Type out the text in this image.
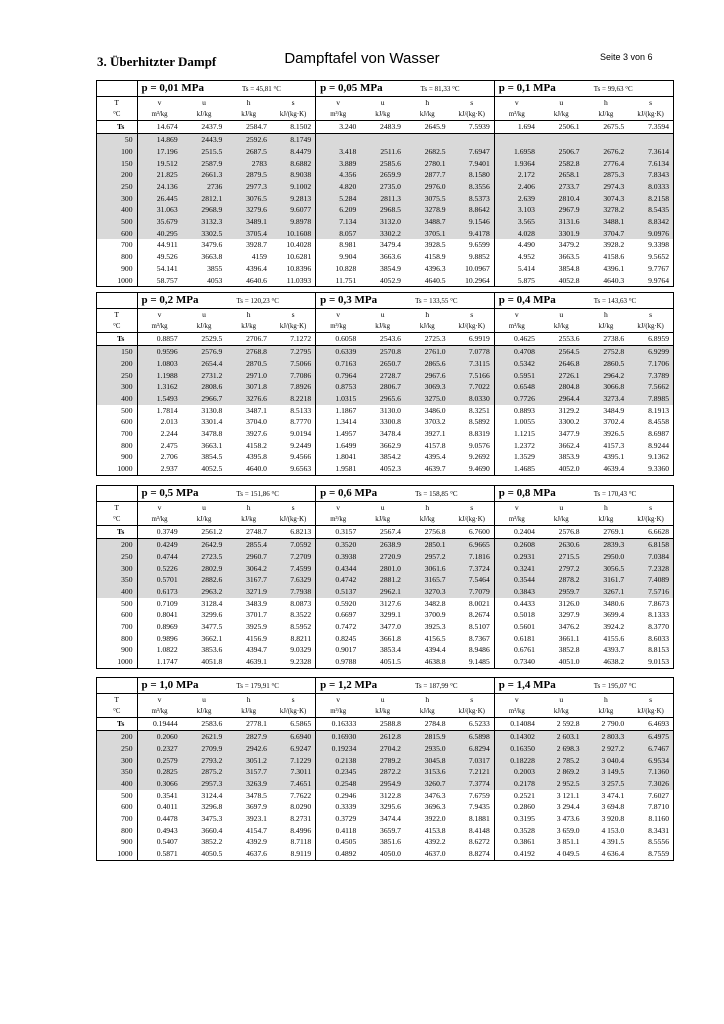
3. Überhitzter Dampf	Dampftafel von Wasser	Seite 3 von 6
	p = 0,01 MPa Ts = 45,81 °C				p = 0,05 MPa Ts = 81,33 °C				p = 0,1 MPa Ts = 99,63 °C			
T	v	u	h	s	v	u	h	s	v	u	h	s
°C	m³/kg	kJ/kg	kJ/kg	kJ/(kg·K)	m³/kg	kJ/kg	kJ/kg	kJ/(kg·K)	m³/kg	kJ/kg	kJ/kg	kJ/(kg·K)
Ts	14.674	2437.9	2584.7	8.1502	3.240	2483.9	2645.9	7.5939	1.694	2506.1	2675.5	7.3594
50	14.869	2443.9	2592.6	8.1749								
100	17.196	2515.5	2687.5	8.4479	3.418	2511.6	2682.5	7.6947	1.6958	2506.7	2676.2	7.3614
150	19.512	2587.9	2783	8.6882	3.889	2585.6	2780.1	7.9401	1.9364	2582.8	2776.4	7.6134
200	21.825	2661.3	2879.5	8.9038	4.356	2659.9	2877.7	8.1580	2.172	2658.1	2875.3	7.8343
250	24.136	2736	2977.3	9.1002	4.820	2735.0	2976.0	8.3556	2.406	2733.7	2974.3	8.0333
300	26.445	2812.1	3076.5	9.2813	5.284	2811.3	3075.5	8.5373	2.639	2810.4	3074.3	8.2158
400	31.063	2968.9	3279.6	9.6077	6.209	2968.5	3278.9	8.8642	3.103	2967.9	3278.2	8.5435
500	35.679	3132.3	3489.1	9.8978	7.134	3132.0	3488.7	9.1546	3.565	3131.6	3488.1	8.8342
600	40.295	3302.5	3705.4	10.1608	8.057	3302.2	3705.1	9.4178	4.028	3301.9	3704.7	9.0976
700	44.911	3479.6	3928.7	10.4028	8.981	3479.4	3928.5	9.6599	4.490	3479.2	3928.2	9.3398
800	49.526	3663.8	4159	10.6281	9.904	3663.6	4158.9	9.8852	4.952	3663.5	4158.6	9.5652
900	54.141	3855	4396.4	10.8396	10.828	3854.9	4396.3	10.0967	5.414	3854.8	4396.1	9.7767
1000	58.757	4053	4640.6	11.0393	11.751	4052.9	4640.5	10.2964	5.875	4052.8	4640.3	9.9764
	p = 0,2 MPa Ts = 120,23 °C				p = 0,3 MPa Ts = 133,55 °C				p = 0,4 MPa Ts = 143,63 °C			
T	v	u	h	s	v	u	h	s	v	u	h	s
°C	m³/kg	kJ/kg	kJ/kg	kJ/(kg·K)	m³/kg	kJ/kg	kJ/kg	kJ/(kg·K)	m³/kg	kJ/kg	kJ/kg	kJ/(kg·K)
Ts	0.8857	2529.5	2706.7	7.1272	0.6058	2543.6	2725.3	6.9919	0.4625	2553.6	2738.6	6.8959
150	0.9596	2576.9	2768.8	7.2795	0.6339	2570.8	2761.0	7.0778	0.4708	2564.5	2752.8	6.9299
200	1.0803	2654.4	2870.5	7.5066	0.7163	2650.7	2865.6	7.3115	0.5342	2646.8	2860.5	7.1706
250	1.1988	2731.2	2971.0	7.7086	0.7964	2728.7	2967.6	7.5166	0.5951	2726.1	2964.2	7.3789
300	1.3162	2808.6	3071.8	7.8926	0.8753	2806.7	3069.3	7.7022	0.6548	2804.8	3066.8	7.5662
400	1.5493	2966.7	3276.6	8.2218	1.0315	2965.6	3275.0	8.0330	0.7726	2964.4	3273.4	7.8985
500	1.7814	3130.8	3487.1	8.5133	1.1867	3130.0	3486.0	8.3251	0.8893	3129.2	3484.9	8.1913
600	2.013	3301.4	3704.0	8.7770	1.3414	3300.8	3703.2	8.5892	1.0055	3300.2	3702.4	8.4558
700	2.244	3478.8	3927.6	9.0194	1.4957	3478.4	3927.1	8.8319	1.1215	3477.9	3926.5	8.6987
800	2.475	3663.1	4158.2	9.2449	1.6499	3662.9	4157.8	9.0576	1.2372	3662.4	4157.3	8.9244
900	2.706	3854.5	4395.8	9.4566	1.8041	3854.2	4395.4	9.2692	1.3529	3853.9	4395.1	9.1362
1000	2.937	4052.5	4640.0	9.6563	1.9581	4052.3	4639.7	9.4690	1.4685	4052.0	4639.4	9.3360
	p = 0,5 MPa Ts = 151,86 °C				p = 0,6 MPa Ts = 158,85 °C				p = 0,8 MPa Ts = 170,43 °C			
T	v	u	h	s	v	u	h	s	v	u	h	s
°C	m³/kg	kJ/kg	kJ/kg	kJ/(kg·K)	m³/kg	kJ/kg	kJ/kg	kJ/(kg·K)	m³/kg	kJ/kg	kJ/kg	kJ/(kg·K)
Ts	0.3749	2561.2	2748.7	6.8213	0.3157	2567.4	2756.8	6.7600	0.2404	2576.8	2769.1	6.6628
200	0.4249	2642.9	2855.4	7.0592	0.3520	2638.9	2850.1	6.9665	0.2608	2630.6	2839.3	6.8158
250	0.4744	2723.5	2960.7	7.2709	0.3938	2720.9	2957.2	7.1816	0.2931	2715.5	2950.0	7.0384
300	0.5226	2802.9	3064.2	7.4599	0.4344	2801.0	3061.6	7.3724	0.3241	2797.2	3056.5	7.2328
350	0.5701	2882.6	3167.7	7.6329	0.4742	2881.2	3165.7	7.5464	0.3544	2878.2	3161.7	7.4089
400	0.6173	2963.2	3271.9	7.7938	0.5137	2962.1	3270.3	7.7079	0.3843	2959.7	3267.1	7.5716
500	0.7109	3128.4	3483.9	8.0873	0.5920	3127.6	3482.8	8.0021	0.4433	3126.0	3480.6	7.8673
600	0.8041	3299.6	3701.7	8.3522	0.6697	3299.1	3700.9	8.2674	0.5018	3297.9	3699.4	8.1333
700	0.8969	3477.5	3925.9	8.5952	0.7472	3477.0	3925.3	8.5107	0.5601	3476.2	3924.2	8.3770
800	0.9896	3662.1	4156.9	8.8211	0.8245	3661.8	4156.5	8.7367	0.6181	3661.1	4155.6	8.6033
900	1.0822	3853.6	4394.7	9.0329	0.9017	3853.4	4394.4	8.9486	0.6761	3852.8	4393.7	8.8153
1000	1.1747	4051.8	4639.1	9.2328	0.9788	4051.5	4638.8	9.1485	0.7340	4051.0	4638.2	9.0153
	p = 1,0 MPa Ts = 179,91 °C				p = 1,2 MPa Ts = 187,99 °C				p = 1,4 MPa Ts = 195,07 °C			
T	v	u	h	s	v	u	h	s	v	u	h	s
°C	m³/kg	kJ/kg	kJ/kg	kJ/(kg·K)	m³/kg	kJ/kg	kJ/kg	kJ/(kg·K)	m³/kg	kJ/kg	kJ/kg	kJ/(kg·K)
Ts	0.19444	2583.6	2778.1	6.5865	0.16333	2588.8	2784.8	6.5233	0.14084	2 592.8	2 790.0	6.4693
200	0.2060	2621.9	2827.9	6.6940	0.16930	2612.8	2815.9	6.5898	0.14302	2 603.1	2 803.3	6.4975
250	0.2327	2709.9	2942.6	6.9247	0.19234	2704.2	2935.0	6.8294	0.16350	2 698.3	2 927.2	6.7467
300	0.2579	2793.2	3051.2	7.1229	0.2138	2789.2	3045.8	7.0317	0.18228	2 785.2	3 040.4	6.9534
350	0.2825	2875.2	3157.7	7.3011	0.2345	2872.2	3153.6	7.2121	0.2003	2 869.2	3 149.5	7.1360
400	0.3066	2957.3	3263.9	7.4651	0.2548	2954.9	3260.7	7.3774	0.2178	2 952.5	3 257.5	7.3026
500	0.3541	3124.4	3478.5	7.7622	0.2946	3122.8	3476.3	7.6759	0.2521	3 121.1	3 474.1	7.6027
600	0.4011	3296.8	3697.9	8.0290	0.3339	3295.6	3696.3	7.9435	0.2860	3 294.4	3 694.8	7.8710
700	0.4478	3475.3	3923.1	8.2731	0.3729	3474.4	3922.0	8.1881	0.3195	3 473.6	3 920.8	8.1160
800	0.4943	3660.4	4154.7	8.4996	0.4118	3659.7	4153.8	8.4148	0.3528	3 659.0	4 153.0	8.3431
900	0.5407	3852.2	4392.9	8.7118	0.4505	3851.6	4392.2	8.6272	0.3861	3 851.1	4 391.5	8.5556
1000	0.5871	4050.5	4637.6	8.9119	0.4892	4050.0	4637.0	8.8274	0.4192	4 049.5	4 636.4	8.7559
